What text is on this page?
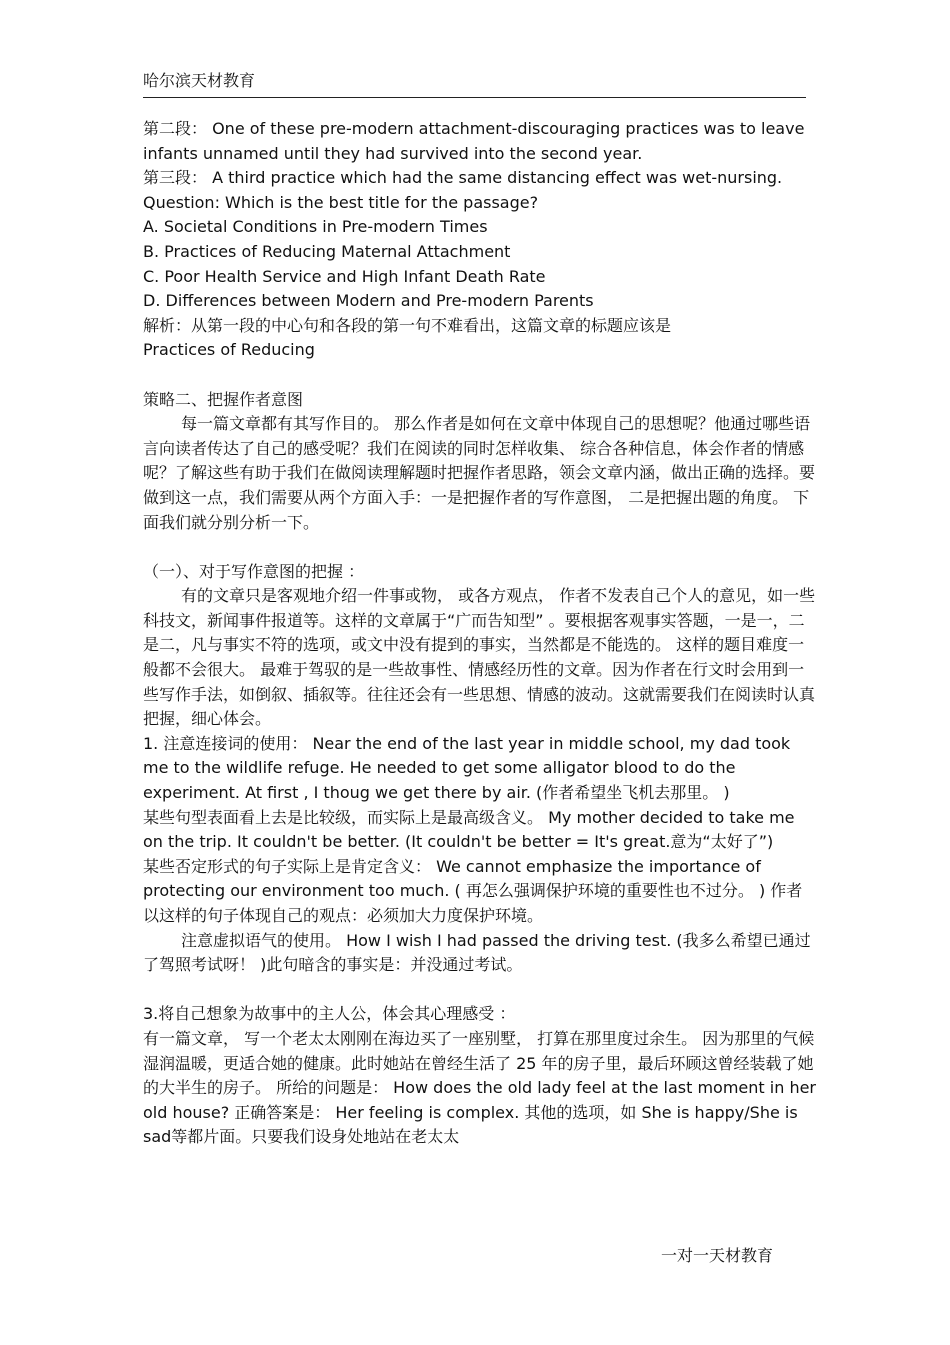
哈尔滨天材教育

第二段： One of these pre-modern attachment-discouraging practices was to leave infants unnamed until they had survived into the second year.

第三段： A third practice which had the same distancing effect was wet-nursing.

Question: Which is the best title for the passage?

A. Societal Conditions in Pre-modern Times

B. Practices of Reducing Maternal Attachment

C. Poor Health Service and High Infant Death Rate

D. Differences between Modern and Pre-modern Parents

解析：从第一段的中心句和各段的第一句不难看出，这篇文章的标题应该是

Practices of Reducing

策略二、把握作者意图

每一篇文章都有其写作目的。 那么作者是如何在文章中体现自己的思想呢？他通过哪些语言向读者传达了自己的感受呢？我们在阅读的同时怎样收集、 综合各种信息，体会作者的情感呢？了解这些有助于我们在做阅读理解题时把握作者思路，领会文章内涵，做出正确的选择。要做到这一点，我们需要从两个方面入手：一是把握作者的写作意图， 二是把握出题的角度。 下面我们就分别分析一下。

（一）、对于写作意图的把握 ：

有的文章只是客观地介绍一件事或物， 或各方观点， 作者不发表自己个人的意见，如一些科技文，新闻事件报道等。这样的文章属于“广而告知型” 。要根据客观事实答题，一是一，二是二，凡与事实不符的选项，或文中没有提到的事实，当然都是不能选的。 这样的题目难度一般都不会很大。 最难于驾驭的是一些故事性、情感经历性的文章。因为作者在行文时会用到一些写作手法，如倒叙、插叙等。往往还会有一些思想、情感的波动。这就需要我们在阅读时认真把握，细心体会。

1. 注意连接词的使用： Near the end of the last year in middle school, my dad took me to the wildlife refuge. He needed to get some alligator blood to do the experiment. At first , I thoug we get there by air. (作者希望坐飞机去那里。 )

某些句型表面看上去是比较级，而实际上是最高级含义。 My mother decided to take me on the trip. It couldn't be better. (It couldn't be better = It's great.意为“太好了”)

某些否定形式的句子实际上是肯定含义： We cannot emphasize the importance of protecting our environment too much. ( 再怎么强调保护环境的重要性也不过分。 ) 作者以这样的句子体现自己的观点：必须加大力度保护环境。

注意虚拟语气的使用。 How I wish I had passed the driving test. (我多么希望已通过了驾照考试呀！ )此句暗含的事实是：并没通过考试。

3.将自己想象为故事中的主人公，体会其心理感受 ：

有一篇文章， 写一个老太太刚刚在海边买了一座别墅， 打算在那里度过余生。 因为那里的气候湿润温暖，更适合她的健康。此时她站在曾经生活了 25 年的房子里，最后环顾这曾经装载了她的大半生的房子。 所给的问题是： How does the old lady feel at the last moment in her old house? 正确答案是： Her feeling is complex. 其他的选项，如 She is happy/She is sad等都片面。只要我们设身处地站在老太太

一对一天材教育
